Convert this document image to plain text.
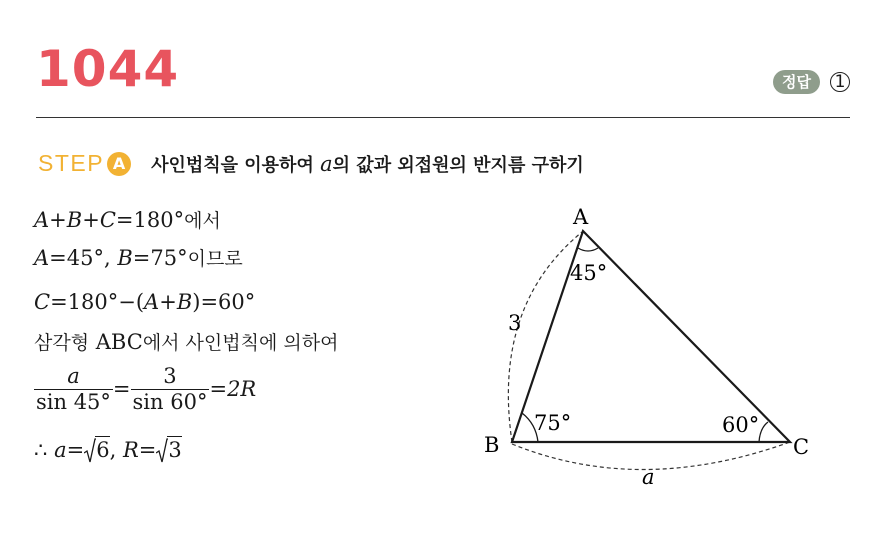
1044	정답	1
STEP A	사인법칙을 이용하여 a의 값과 외접원의 반지름 구하기
A+B+C=180°에서
A=45°, B=75°이므로
C=180°−(A+B)=60°
삼각형 ABC에서 사인법칙에 의하여
$\frac{a}{\sin 45^\circ} = \frac{3}{\sin 60^\circ} = 2R$
∴ a= 6, R= 3
A
B	C
45°
75°	60°
3
a
